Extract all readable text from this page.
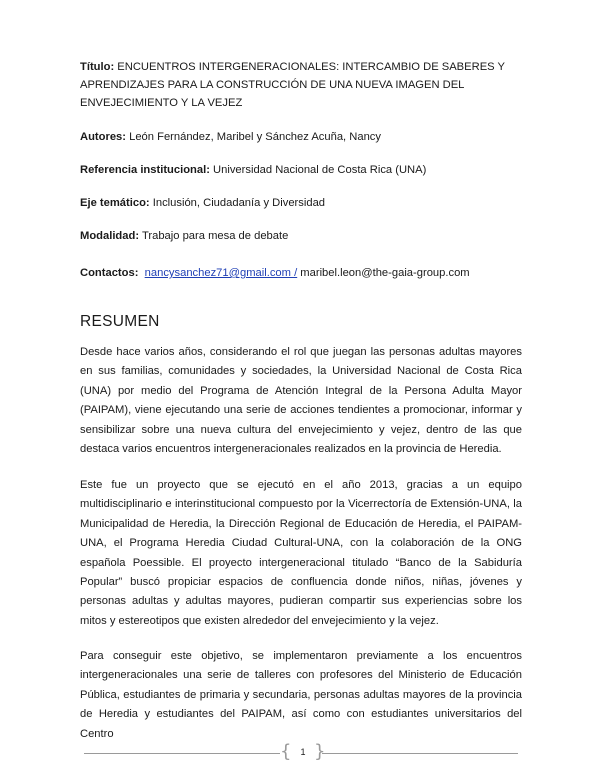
Título: ENCUENTROS INTERGENERACIONALES: INTERCAMBIO DE SABERES Y APRENDIZAJES PARA LA CONSTRUCCIÓN DE UNA NUEVA IMAGEN DEL ENVEJECIMIENTO Y LA VEJEZ
Autores: León Fernández, Maribel y Sánchez Acuña, Nancy
Referencia institucional: Universidad Nacional de Costa Rica (UNA)
Eje temático: Inclusión, Ciudadanía y Diversidad
Modalidad: Trabajo para mesa de debate
Contactos: nancysanchez71@gmail.com / maribel.leon@the-gaia-group.com
RESUMEN

Desde hace varios años, considerando el rol que juegan las personas adultas mayores en sus familias, comunidades y sociedades, la Universidad Nacional de Costa Rica (UNA) por medio del Programa de Atención Integral de la Persona Adulta Mayor (PAIPAM), viene ejecutando una serie de acciones tendientes a promocionar, informar y sensibilizar sobre una nueva cultura del envejecimiento y vejez, dentro de las que destaca varios encuentros intergeneracionales realizados en la provincia de Heredia.

Este fue un proyecto que se ejecutó en el año 2013, gracias a un equipo multidisciplinario e interinstitucional compuesto por la Vicerrectoría de Extensión-UNA, la Municipalidad de Heredia, la Dirección Regional de Educación de Heredia, el PAIPAM-UNA, el Programa Heredia Ciudad Cultural-UNA, con la colaboración de la ONG española Poessible. El proyecto intergeneracional titulado “Banco de la Sabiduría Popular” buscó propiciar espacios de confluencia donde niños, niñas, jóvenes y personas adultas y adultas mayores, pudieran compartir sus experiencias sobre los mitos y estereotipos que existen alrededor del envejecimiento y la vejez.

Para conseguir este objetivo, se implementaron previamente a los encuentros intergeneracionales una serie de talleres con profesores del Ministerio de Educación Pública, estudiantes de primaria y secundaria, personas adultas mayores de la provincia de Heredia y estudiantes del PAIPAM, así como con estudiantes universitarios del Centro

{ }
1
